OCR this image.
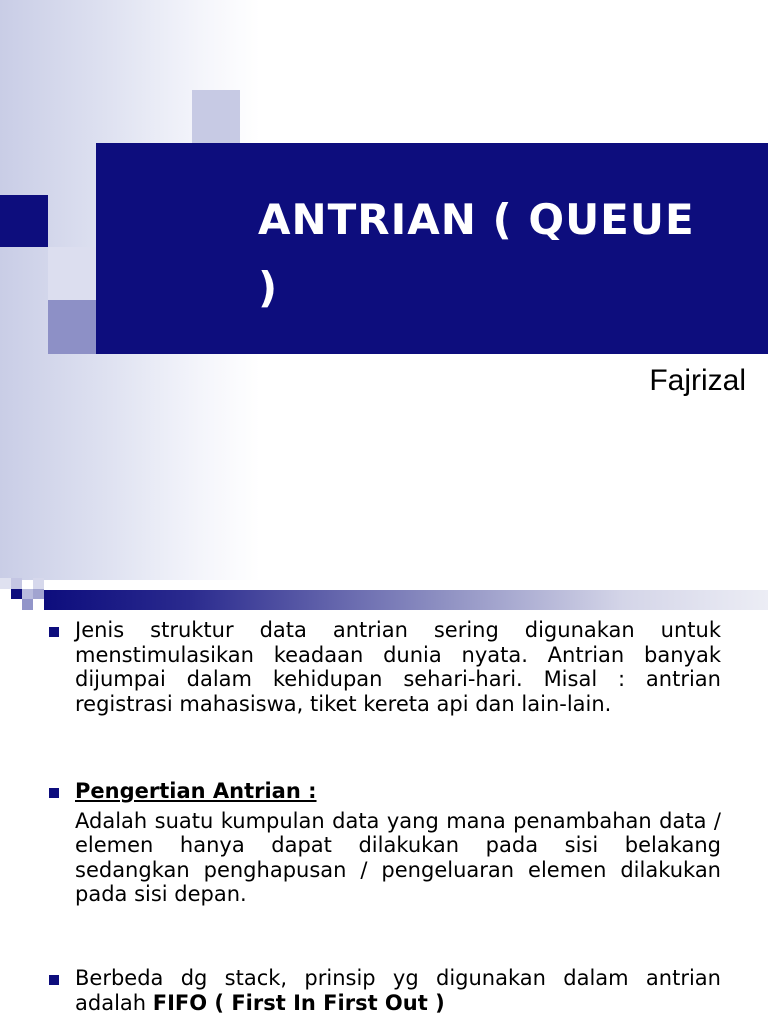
ANTRIAN ( QUEUE )
Fajrizal
Jenis struktur data antrian sering digunakan untuk menstimulasikan keadaan dunia nyata. Antrian banyak dijumpai dalam kehidupan sehari-hari. Misal : antrian registrasi mahasiswa, tiket kereta api dan lain-lain.
Pengertian Antrian :
Adalah suatu kumpulan data yang mana penambahan data / elemen hanya dapat dilakukan pada sisi belakang sedangkan penghapusan / pengeluaran elemen dilakukan pada sisi depan.
Berbeda dg stack, prinsip yg digunakan dalam antrian adalah FIFO ( First In First Out )
